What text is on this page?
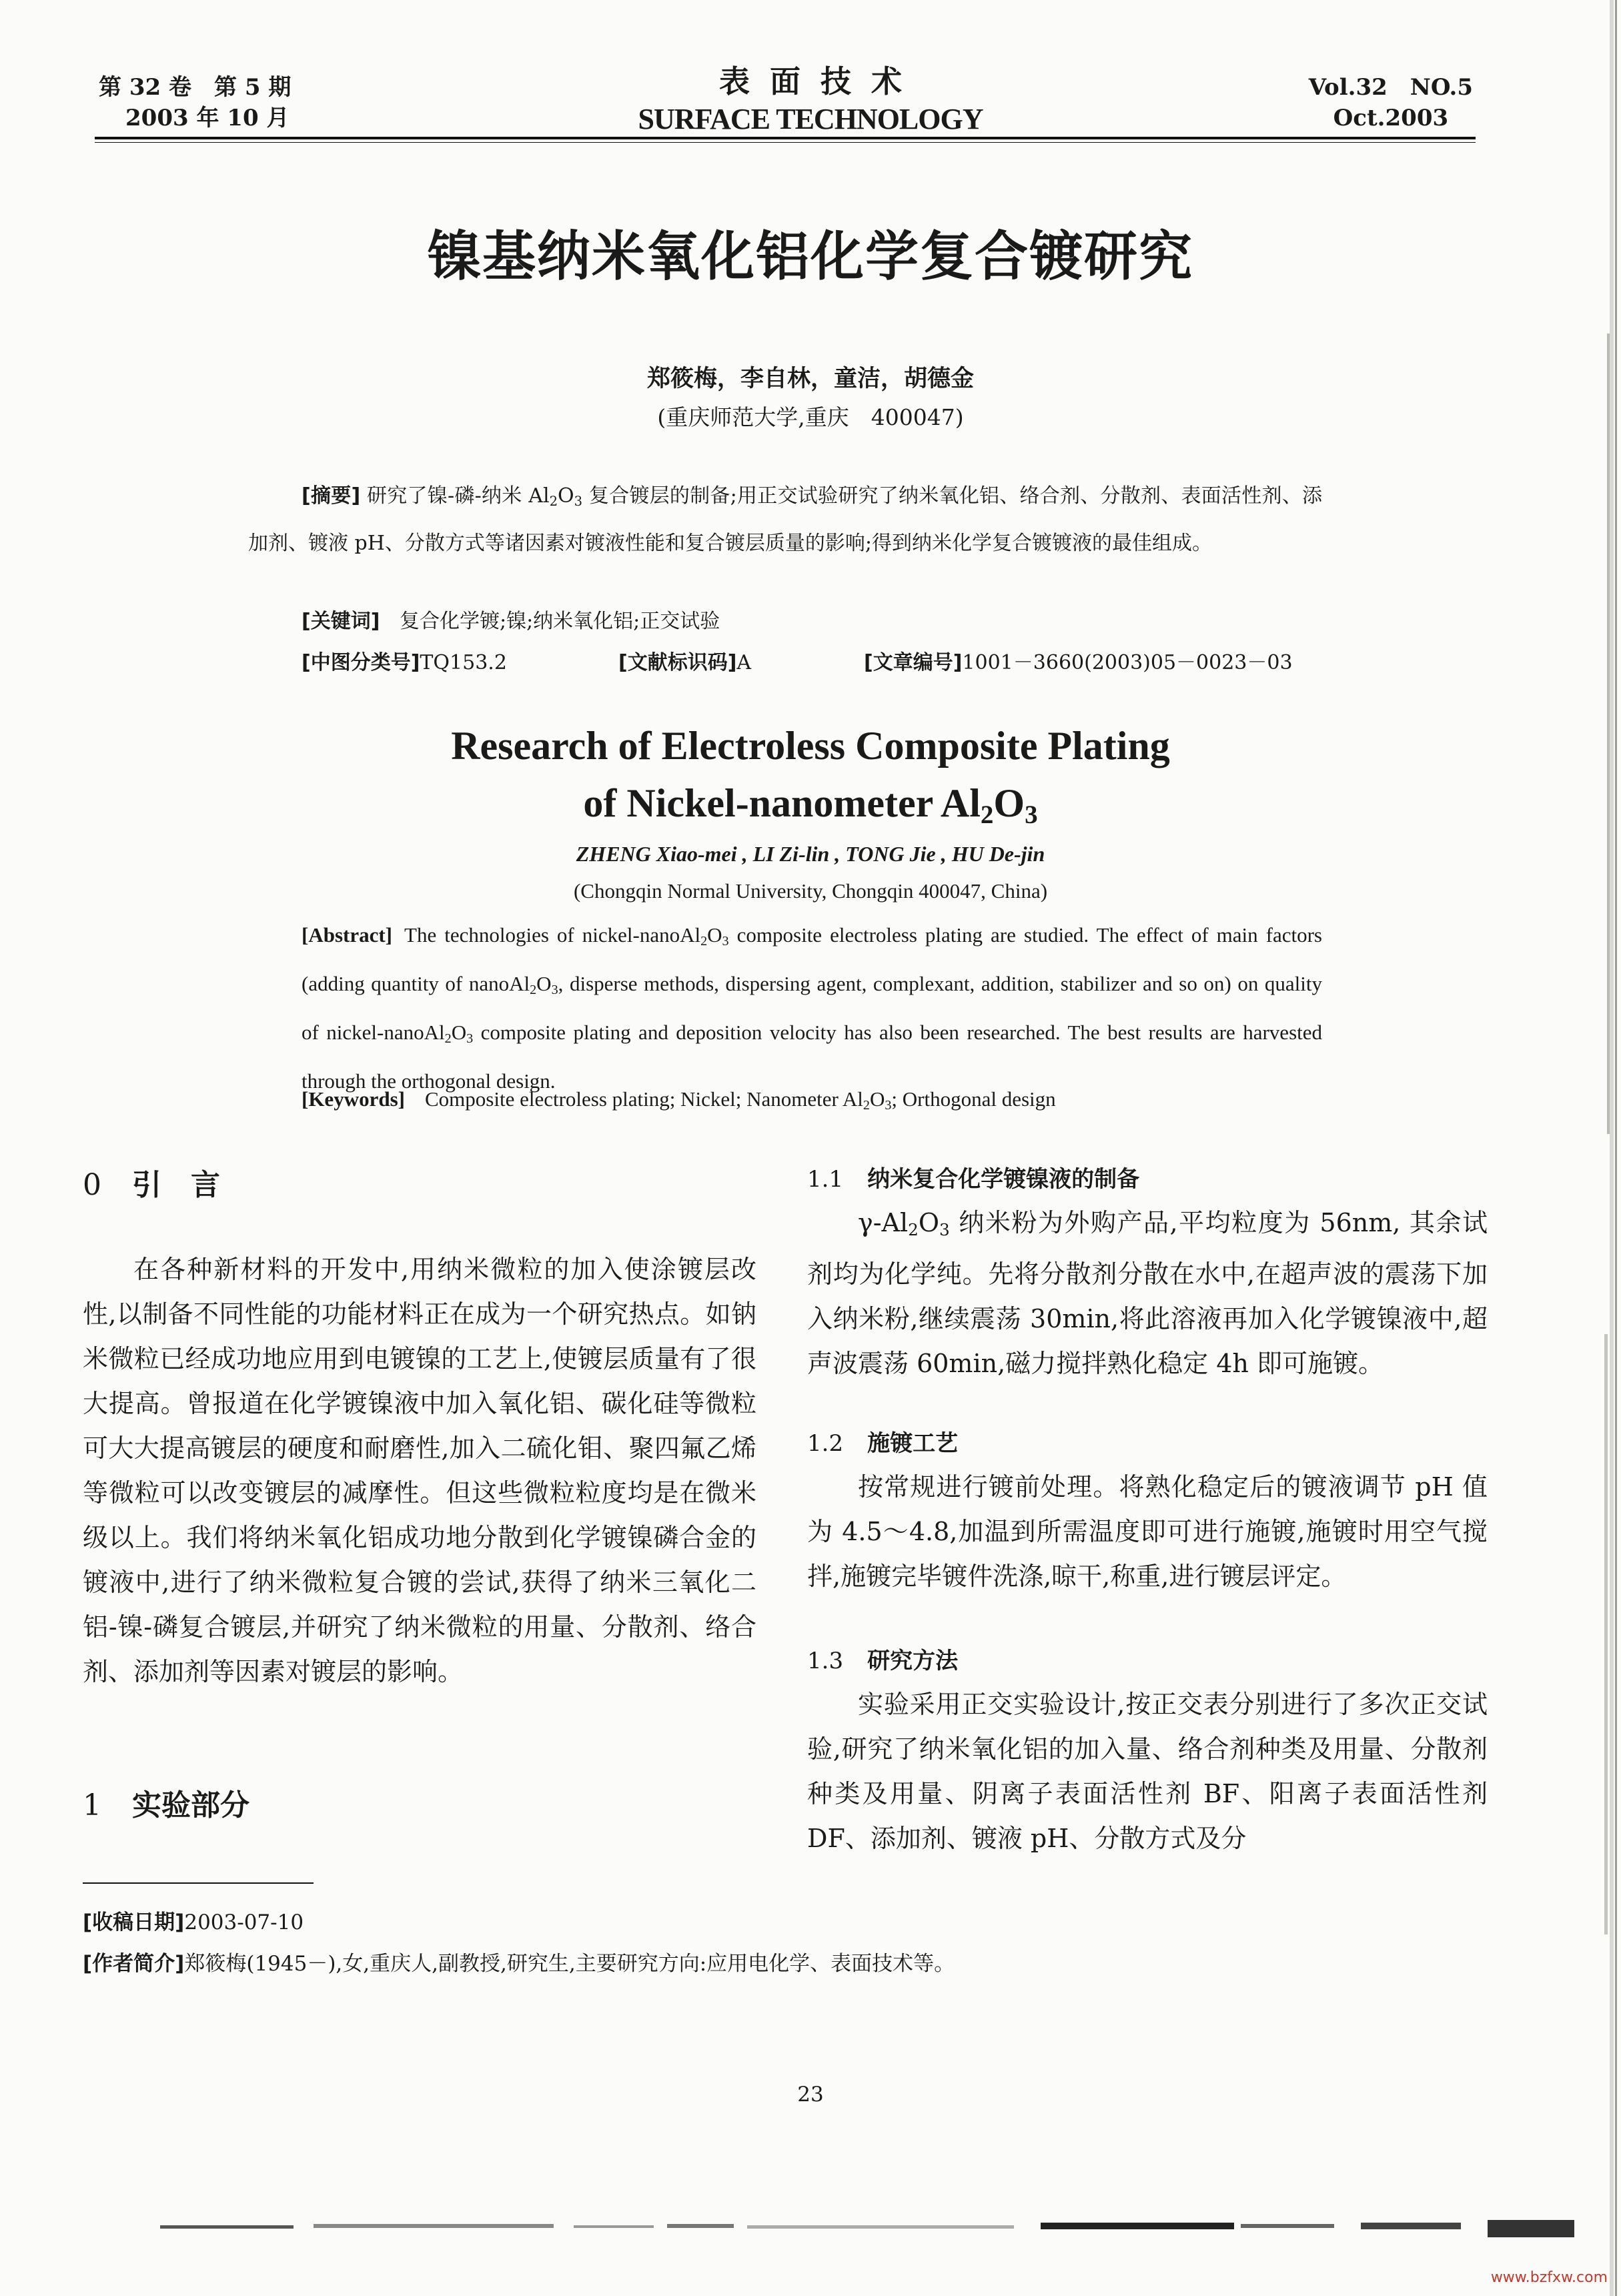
第 32 卷　第 5 期
2003 年 10 月
表面技术
SURFACE TECHNOLOGY
Vol.32　NO.5
Oct.2003
镍基纳米氧化铝化学复合镀研究
郑筱梅，李自林，童洁，胡德金
(重庆师范大学,重庆　400047)
[摘要] 研究了镍-磷-纳米 $Al_2O_3$ 复合镀层的制备;用正交试验研究了纳米氧化铝、络合剂、分散剂、表面活性剂、添加剂、镀液 pH、分散方式等诸因素对镀液性能和复合镀层质量的影响;得到纳米化学复合镀镀液的最佳组成。
[关键词] 复合化学镀;镍;纳米氧化铝;正交试验
[中图分类号]TQ153.2	[文献标识码]A	[文章编号]1001－3660(2003)05－0023－03
Research of Electroless Composite Plating
of Nickel-nanometer $Al_2O_3$
ZHENG Xiao-mei , LI Zi-lin , TONG Jie , HU De-jin
(Chongqin Normal University, Chongqin 400047, China)
[Abstract] The technologies of nickel-$nanoAl_2O_3$ composite electroless plating are studied. The effect of main factors (adding quantity of $nanoAl_2O_3$, disperse methods, dispersing agent, complexant, addition, stabilizer and so on) on quality of nickel-$nanoAl_2O_3$ composite plating and deposition velocity has also been researched. The best results are harvested through the orthogonal design.
[Keywords] Composite electroless plating; Nickel; Nanometer $Al_2O_3$; Orthogonal design
0 引　言

在各种新材料的开发中,用纳米微粒的加入使涂镀层改性,以制备不同性能的功能材料正在成为一个研究热点。如钠米微粒已经成功地应用到电镀镍的工艺上,使镀层质量有了很大提高。曾报道在化学镀镍液中加入氧化铝、碳化硅等微粒可大大提高镀层的硬度和耐磨性,加入二硫化钼、聚四氟乙烯等微粒可以改变镀层的减摩性。但这些微粒粒度均是在微米级以上。我们将纳米氧化铝成功地分散到化学镀镍磷合金的镀液中,进行了纳米微粒复合镀的尝试,获得了纳米三氧化二铝-镍-磷复合镀层,并研究了纳米微粒的用量、分散剂、络合剂、添加剂等因素对镀层的影响。

1 实验部分
[收稿日期]2003-07-10
[作者简介]郑筱梅(1945－),女,重庆人,副教授,研究生,主要研究方向:应用电化学、表面技术等。
1.1 纳米复合化学镀镍液的制备

$\gamma-Al_2O_3$ 纳米粉为外购产品,平均粒度为 56nm, 其余试剂均为化学纯。先将分散剂分散在水中,在超声波的震荡下加入纳米粉,继续震荡 30min,将此溶液再加入化学镀镍液中,超声波震荡 60min,磁力搅拌熟化稳定 4h 即可施镀。

1.2 施镀工艺

按常规进行镀前处理。将熟化稳定后的镀液调节 pH 值为 4.5～4.8,加温到所需温度即可进行施镀,施镀时用空气搅拌,施镀完毕镀件洗涤,晾干,称重,进行镀层评定。

1.3 研究方法

实验采用正交实验设计,按正交表分别进行了多次正交试验,研究了纳米氧化铝的加入量、络合剂种类及用量、分散剂种类及用量、阴离子表面活性剂 BF、阳离子表面活性剂 DF、添加剂、镀液 pH、分散方式及分

23
www.bzfxw.com
